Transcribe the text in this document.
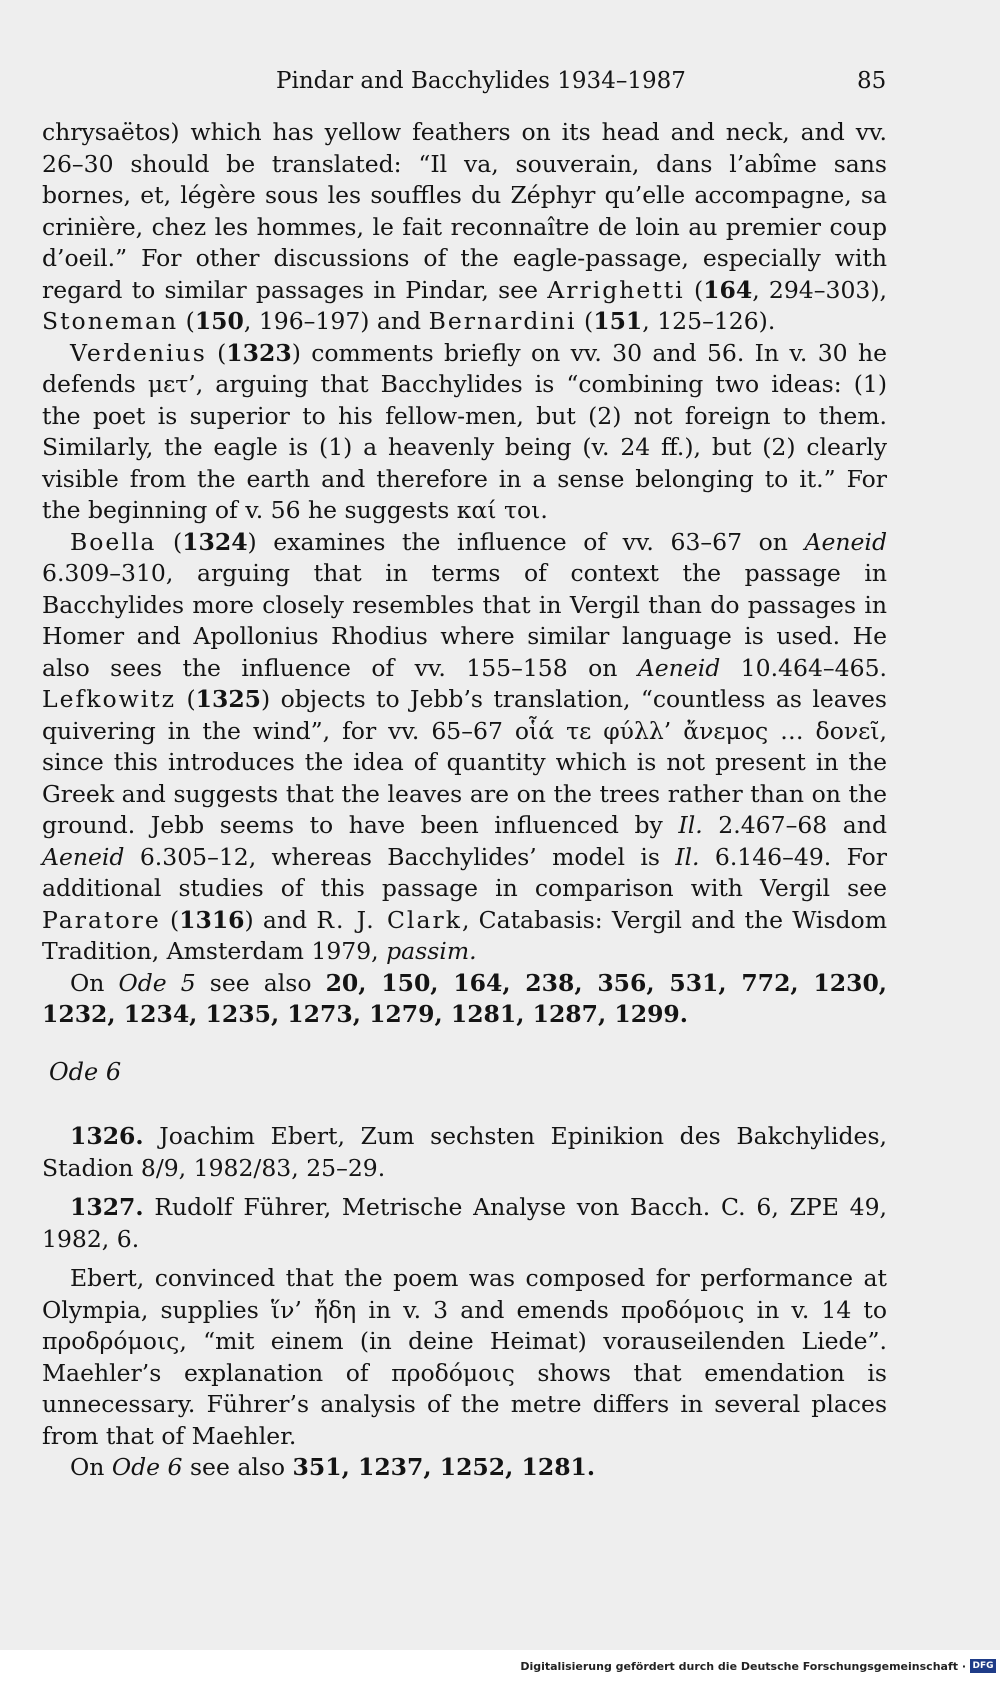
Pindar and Bacchylides 1934–1987	85

chrysaëtos) which has yellow feathers on its head and neck, and vv. 26–30 should be translated: “Il va, souverain, dans l’abîme sans bornes, et, légère sous les souffles du Zéphyr qu’elle accompagne, sa crinière, chez les hommes, le fait reconnaître de loin au premier coup d’oeil.” For other discussions of the eagle-passage, especially with regard to similar passages in Pindar, see Arrighetti (164, 294–303), Stoneman (150, 196–197) and Bernardini (151, 125–126).

Verdenius (1323) comments briefly on vv. 30 and 56. In v. 30 he defends μετ’, arguing that Bacchylides is “combining two ideas: (1) the poet is superior to his fellow-men, but (2) not foreign to them. Similarly, the eagle is (1) a heavenly being (v. 24 ff.), but (2) clearly visible from the earth and therefore in a sense belonging to it.” For the beginning of v. 56 he suggests καί τοι.

Boella (1324) examines the influence of vv. 63–67 on Aeneid 6.309–310, arguing that in terms of context the passage in Bacchylides more closely resembles that in Vergil than do passages in Homer and Apollonius Rhodius where similar language is used. He also sees the influence of vv. 155–158 on Aeneid 10.464–465. Lefkowitz (1325) objects to Jebb’s translation, “countless as leaves quivering in the wind”, for vv. 65–67 οἷά τε φύλλ’ ἄνεμος … δονεῖ, since this introduces the idea of quantity which is not present in the Greek and suggests that the leaves are on the trees rather than on the ground. Jebb seems to have been influenced by Il. 2.467–68 and Aeneid 6.305–12, whereas Bacchylides’ model is Il. 6.146–49. For additional studies of this passage in comparison with Vergil see Paratore (1316) and R. J. Clark, Catabasis: Vergil and the Wisdom Tradition, Amsterdam 1979, passim.

On Ode 5 see also 20, 150, 164, 238, 356, 531, 772, 1230, 1232, 1234, 1235, 1273, 1279, 1281, 1287, 1299.

Ode 6

1326. Joachim Ebert, Zum sechsten Epinikion des Bakchylides, Stadion 8/9, 1982/83, 25–29.

1327. Rudolf Führer, Metrische Analyse von Bacch. C. 6, ZPE 49, 1982, 6.

Ebert, convinced that the poem was composed for performance at Olympia, supplies ἵν’ ἤδη in v. 3 and emends προδόμοις in v. 14 to προδρόμοις, “mit einem (in deine Heimat) vorauseilenden Liede”. Maehler’s explanation of προδόμοις shows that emendation is unnecessary. Führer’s analysis of the metre differs in several places from that of Maehler.

On Ode 6 see also 351, 1237, 1252, 1281.

Digitalisierung gefördert durch die Deutsche Forschungsgemeinschaft · DFG
